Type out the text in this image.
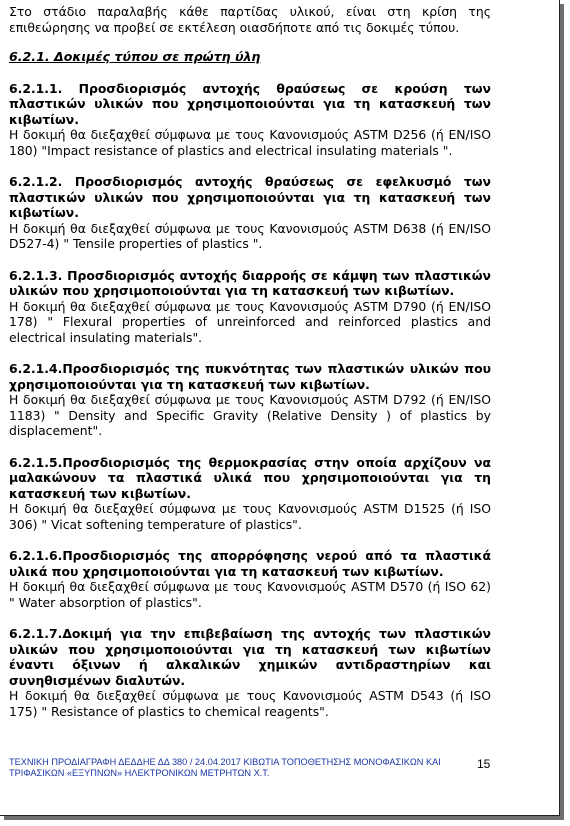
Στο στάδιο παραλαβής κάθε παρτίδας υλικού, είναι στη κρίση της επιθεώρησης να προβεί σε εκτέλεση οιασδήποτε από τις δοκιμές τύπου.

6.2.1. Δοκιμές τύπου σε πρώτη ύλη

6.2.1.1. Προσδιορισμός αντοχής θραύσεως σε κρούση των πλαστικών υλικών που χρησιμοποιούνται για τη κατασκευή των κιβωτίων.

Η δοκιμή θα διεξαχθεί σύμφωνα με τους Κανονισμούς ASTM D256 (ή EN/ISO 180) "Impact resistance of plastics and electrical insulating materials ".

6.2.1.2. Προσδιορισμός αντοχής θραύσεως σε εφελκυσμό των πλαστικών υλικών που χρησιμοποιούνται για τη κατασκευή των κιβωτίων.

Η δοκιμή θα διεξαχθεί σύμφωνα με τους Κανονισμούς ASTM D638 (ή EN/ISO D527-4) " Tensile properties of plastics ".

6.2.1.3. Προσδιορισμός αντοχής διαρροής σε κάμψη των πλαστικών υλικών που χρησιμοποιούνται για τη κατασκευή των κιβωτίων.

Η δοκιμή θα διεξαχθεί σύμφωνα με τους Κανονισμούς ASTM D790 (ή EN/ISO 178) " Flexural properties of unreinforced and reinforced plastics and electrical insulating materials".

6.2.1.4.Προσδιορισμός της πυκνότητας των πλαστικών υλικών που χρησιμοποιούνται για τη κατασκευή των κιβωτίων.

Η δοκιμή θα διεξαχθεί σύμφωνα με τους Κανονισμούς ASTM D792 (ή EN/ISO 1183) " Density and Specific Gravity (Relative Density ) of plastics by displacement".

6.2.1.5.Προσδιορισμός της θερμοκρασίας στην οποία αρχίζουν να μαλακώνουν τα πλαστικά υλικά που χρησιμοποιούνται για τη κατασκευή των κιβωτίων.

Η δοκιμή θα διεξαχθεί σύμφωνα με τους Κανονισμούς ASTM D1525 (ή ISO 306) " Vicat softening temperature of plastics".

6.2.1.6.Προσδιορισμός της απορρόφησης νερού από τα πλαστικά υλικά που χρησιμοποιούνται για τη κατασκευή των κιβωτίων.

Η δοκιμή θα διεξαχθεί σύμφωνα με τους Κανονισμούς ASTM D570 (ή ISO 62) " Water absorption of plastics".

6.2.1.7.Δοκιμή για την επιβεβαίωση της αντοχής των πλαστικών υλικών που χρησιμοποιούνται για τη κατασκευή των κιβωτίων έναντι όξινων ή αλκαλικών χημικών αντιδραστηρίων και συνηθισμένων διαλυτών.

Η δοκιμή θα διεξαχθεί σύμφωνα με τους Κανονισμούς ASTM D543 (ή ISO 175) " Resistance of plastics to chemical reagents".

ΤΕΧΝΙΚΗ ΠΡΟΔΙΑΓΡΑΦΗ ΔΕΔΔΗΕ ΔΔ 380 / 24.04.2017 ΚΙΒΩΤΙΑ ΤΟΠΟΘΕΤΗΣΗΣ ΜΟΝΟΦΑΣΙΚΩΝ ΚΑΙ
ΤΡΙΦΑΣΙΚΩΝ «ΕΞΥΠΝΩΝ» ΗΛΕΚΤΡΟΝΙΚΩΝ ΜΕΤΡΗΤΩΝ Χ.Τ.
15
